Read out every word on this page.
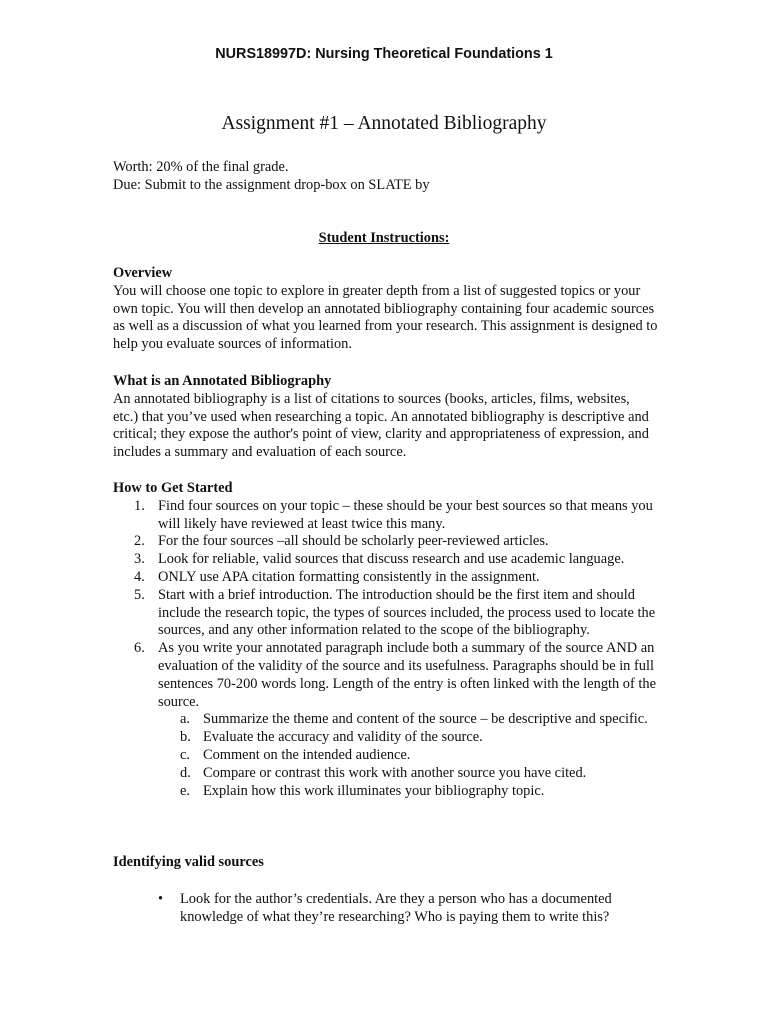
NURS18997D: Nursing Theoretical Foundations 1
Assignment #1 – Annotated Bibliography

Worth: 20% of the final grade.

Due: Submit to the assignment drop-box on SLATE by

Student Instructions:

Overview

You will choose one topic to explore in greater depth from a list of suggested topics or your own topic. You will then develop an annotated bibliography containing four academic sources as well as a discussion of what you learned from your research. This assignment is designed to help you evaluate sources of information.

What is an Annotated Bibliography

An annotated bibliography is a list of citations to sources (books, articles, films, websites, etc.) that you’ve used when researching a topic. An annotated bibliography is descriptive and critical; they expose the author's point of view, clarity and appropriateness of expression, and includes a summary and evaluation of each source.

How to Get Started

1. Find four sources on your topic – these should be your best sources so that means you will likely have reviewed at least twice this many.
2. For the four sources –all should be scholarly peer-reviewed articles.
3. Look for reliable, valid sources that discuss research and use academic language.
4. ONLY use APA citation formatting consistently in the assignment.
5. Start with a brief introduction. The introduction should be the first item and should include the research topic, the types of sources included, the process used to locate the sources, and any other information related to the scope of the bibliography.
6. As you write your annotated paragraph include both a summary of the source AND an evaluation of the validity of the source and its usefulness. Paragraphs should be in full sentences 70-200 words long. Length of the entry is often linked with the length of the source.
a. Summarize the theme and content of the source – be descriptive and specific.
b. Evaluate the accuracy and validity of the source.
c. Comment on the intended audience.
d. Compare or contrast this work with another source you have cited.
e. Explain how this work illuminates your bibliography topic.

Identifying valid sources

• Look for the author’s credentials. Are they a person who has a documented knowledge of what they’re researching? Who is paying them to write this?
